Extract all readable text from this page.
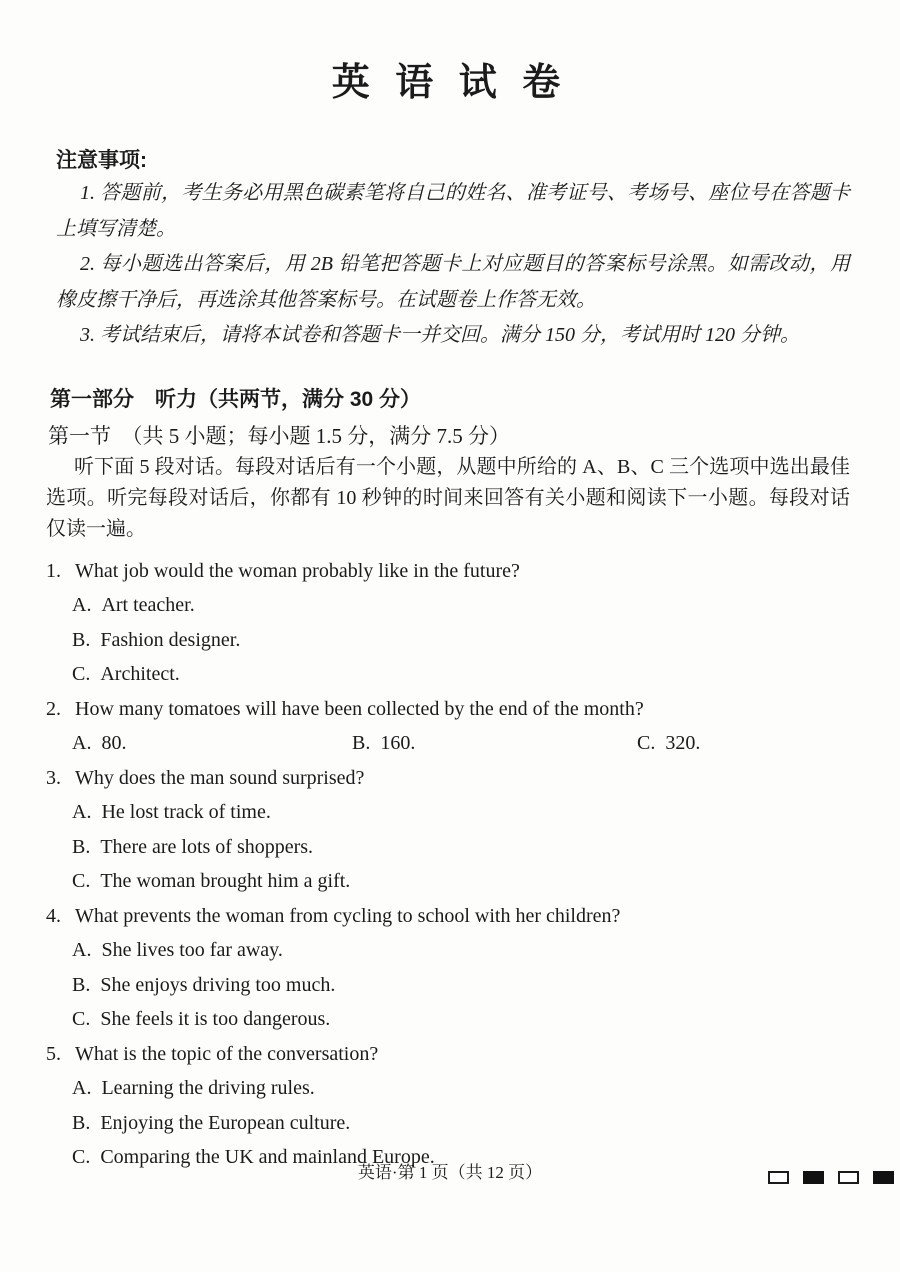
英 语 试 卷
注意事项:

1. 答题前，考生务必用黑色碳素笔将自己的姓名、准考证号、考场号、座位号在答题卡上填写清楚。

2. 每小题选出答案后，用 2B 铅笔把答题卡上对应题目的答案标号涂黑。如需改动，用橡皮擦干净后，再选涂其他答案标号。在试题卷上作答无效。

3. 考试结束后，请将本试卷和答题卡一并交回。满分 150 分，考试用时 120 分钟。

第一部分　听力（共两节，满分 30 分）
第一节　（共 5 小题；每小题 1.5 分，满分 7.5 分）

听下面 5 段对话。每段对话后有一个小题，从题中所给的 A、B、C 三个选项中选出最佳选项。听完每段对话后，你都有 10 秒钟的时间来回答有关小题和阅读下一小题。每段对话仅读一遍。

1. What job would the woman probably like in the future?
A. Art teacher.
B. Fashion designer.
C. Architect.
2. How many tomatoes will have been collected by the end of the month?
A. 80.	B. 160.	C. 320.
3. Why does the man sound surprised?
A. He lost track of time.
B. There are lots of shoppers.
C. The woman brought him a gift.
4. What prevents the woman from cycling to school with her children?
A. She lives too far away.
B. She enjoys driving too much.
C. She feels it is too dangerous.
5. What is the topic of the conversation?
A. Learning the driving rules.
B. Enjoying the European culture.
C. Comparing the UK and mainland Europe.
英语·第 1 页（共 12 页）
